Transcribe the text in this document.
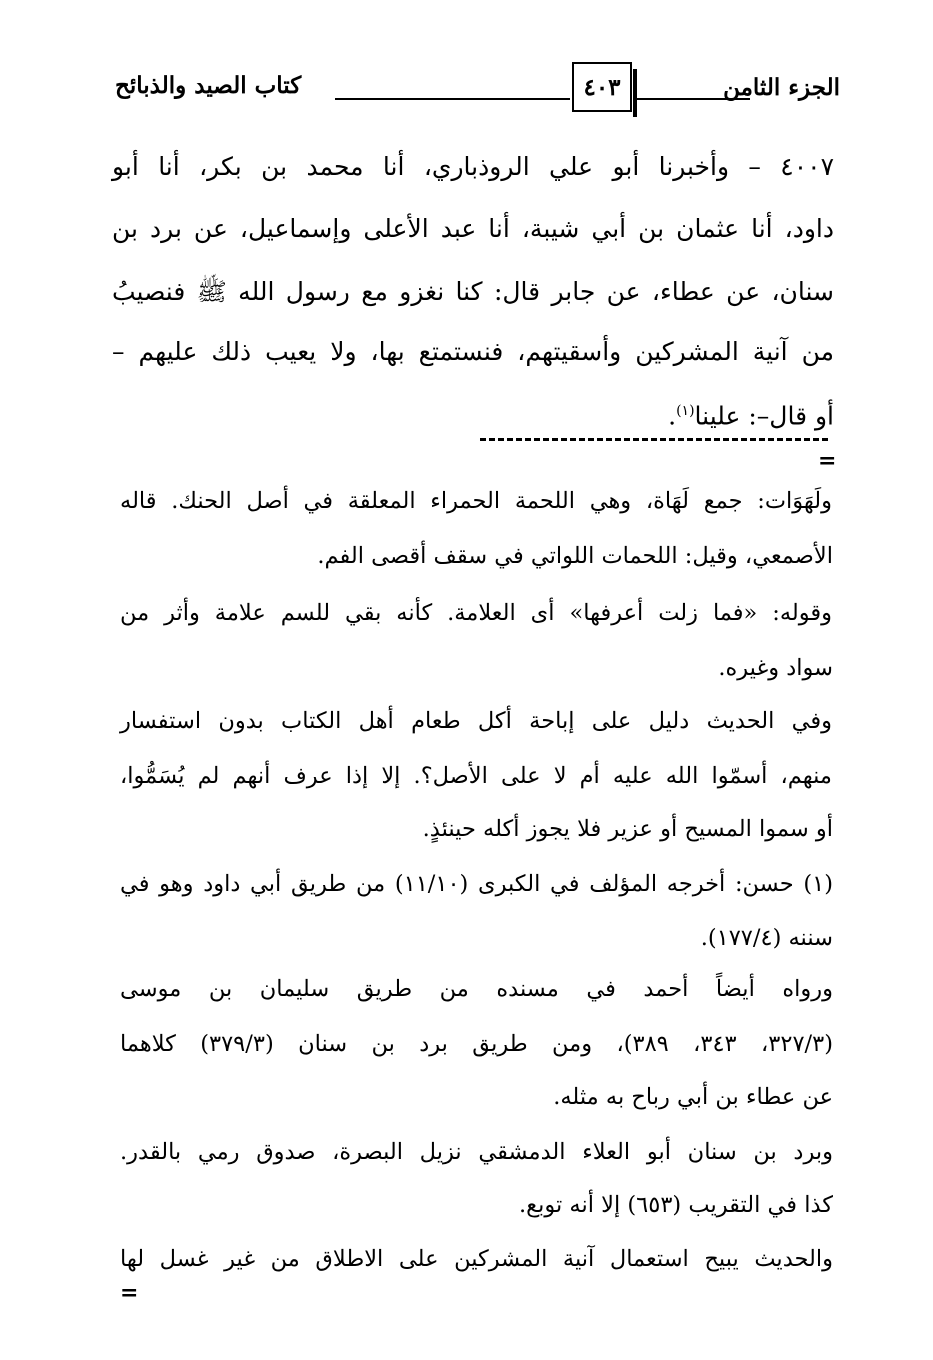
كتاب الصيد والذبائح	٤٠٣	الجزء الثامن
٤٠٠٧ – وأخبرنا أبو علي الروذباري، أنا محمد بن بكر، أنا أبو
داود، أنا عثمان بن أبي شيبة، أنا عبد الأعلى وإسماعيل، عن برد بن
سنان، عن عطاء، عن جابر قال: كنا نغزو مع رسول الله ﷺ فنصيبُ
من آنية المشركين وأسقيتهم، فنستمتع بها، ولا يعيب ذلك عليهم –
أو قال–: علينا$^{(١)}$.
=
ولَهَوَات: جمع لَهَاة، وهي اللحمة الحمراء المعلقة في أصل الحنك. قاله
الأصمعي، وقيل: اللحمات اللواتي في سقف أقصى الفم.
وقوله: «فما زلت أعرفها» أى العلامة. كأنه بقي للسم علامة وأثر من
سواد وغيره.
وفي الحديث دليل على إباحة أكل طعام أهل الكتاب بدون استفسار
منهم، أسمّوا الله عليه أم لا على الأصل؟. إلا إذا عرف أنهم لم يُسَمُّوا،
أو سموا المسيح أو عزير فلا يجوز أكله حينئذٍ.
(١) حسن: أخرجه المؤلف في الكبرى (١١/١٠) من طريق أبي داود وهو في
سننه (١٧٧/٤).
ورواه أيضاً أحمد في مسنده من طريق سليمان بن موسى
(٣٢٧/٣، ٣٤٣، ٣٨٩)، ومن طريق برد بن سنان (٣٧٩/٣) كلاهما
عن عطاء بن أبي رباح به مثله.
وبرد بن سنان أبو العلاء الدمشقي نزيل البصرة، صدوق رمي بالقدر.
كذا في التقريب (٦٥٣) إلا أنه توبع.
والحديث يبيح استعمال آنية المشركين على الاطلاق من غير غسل لها
=
